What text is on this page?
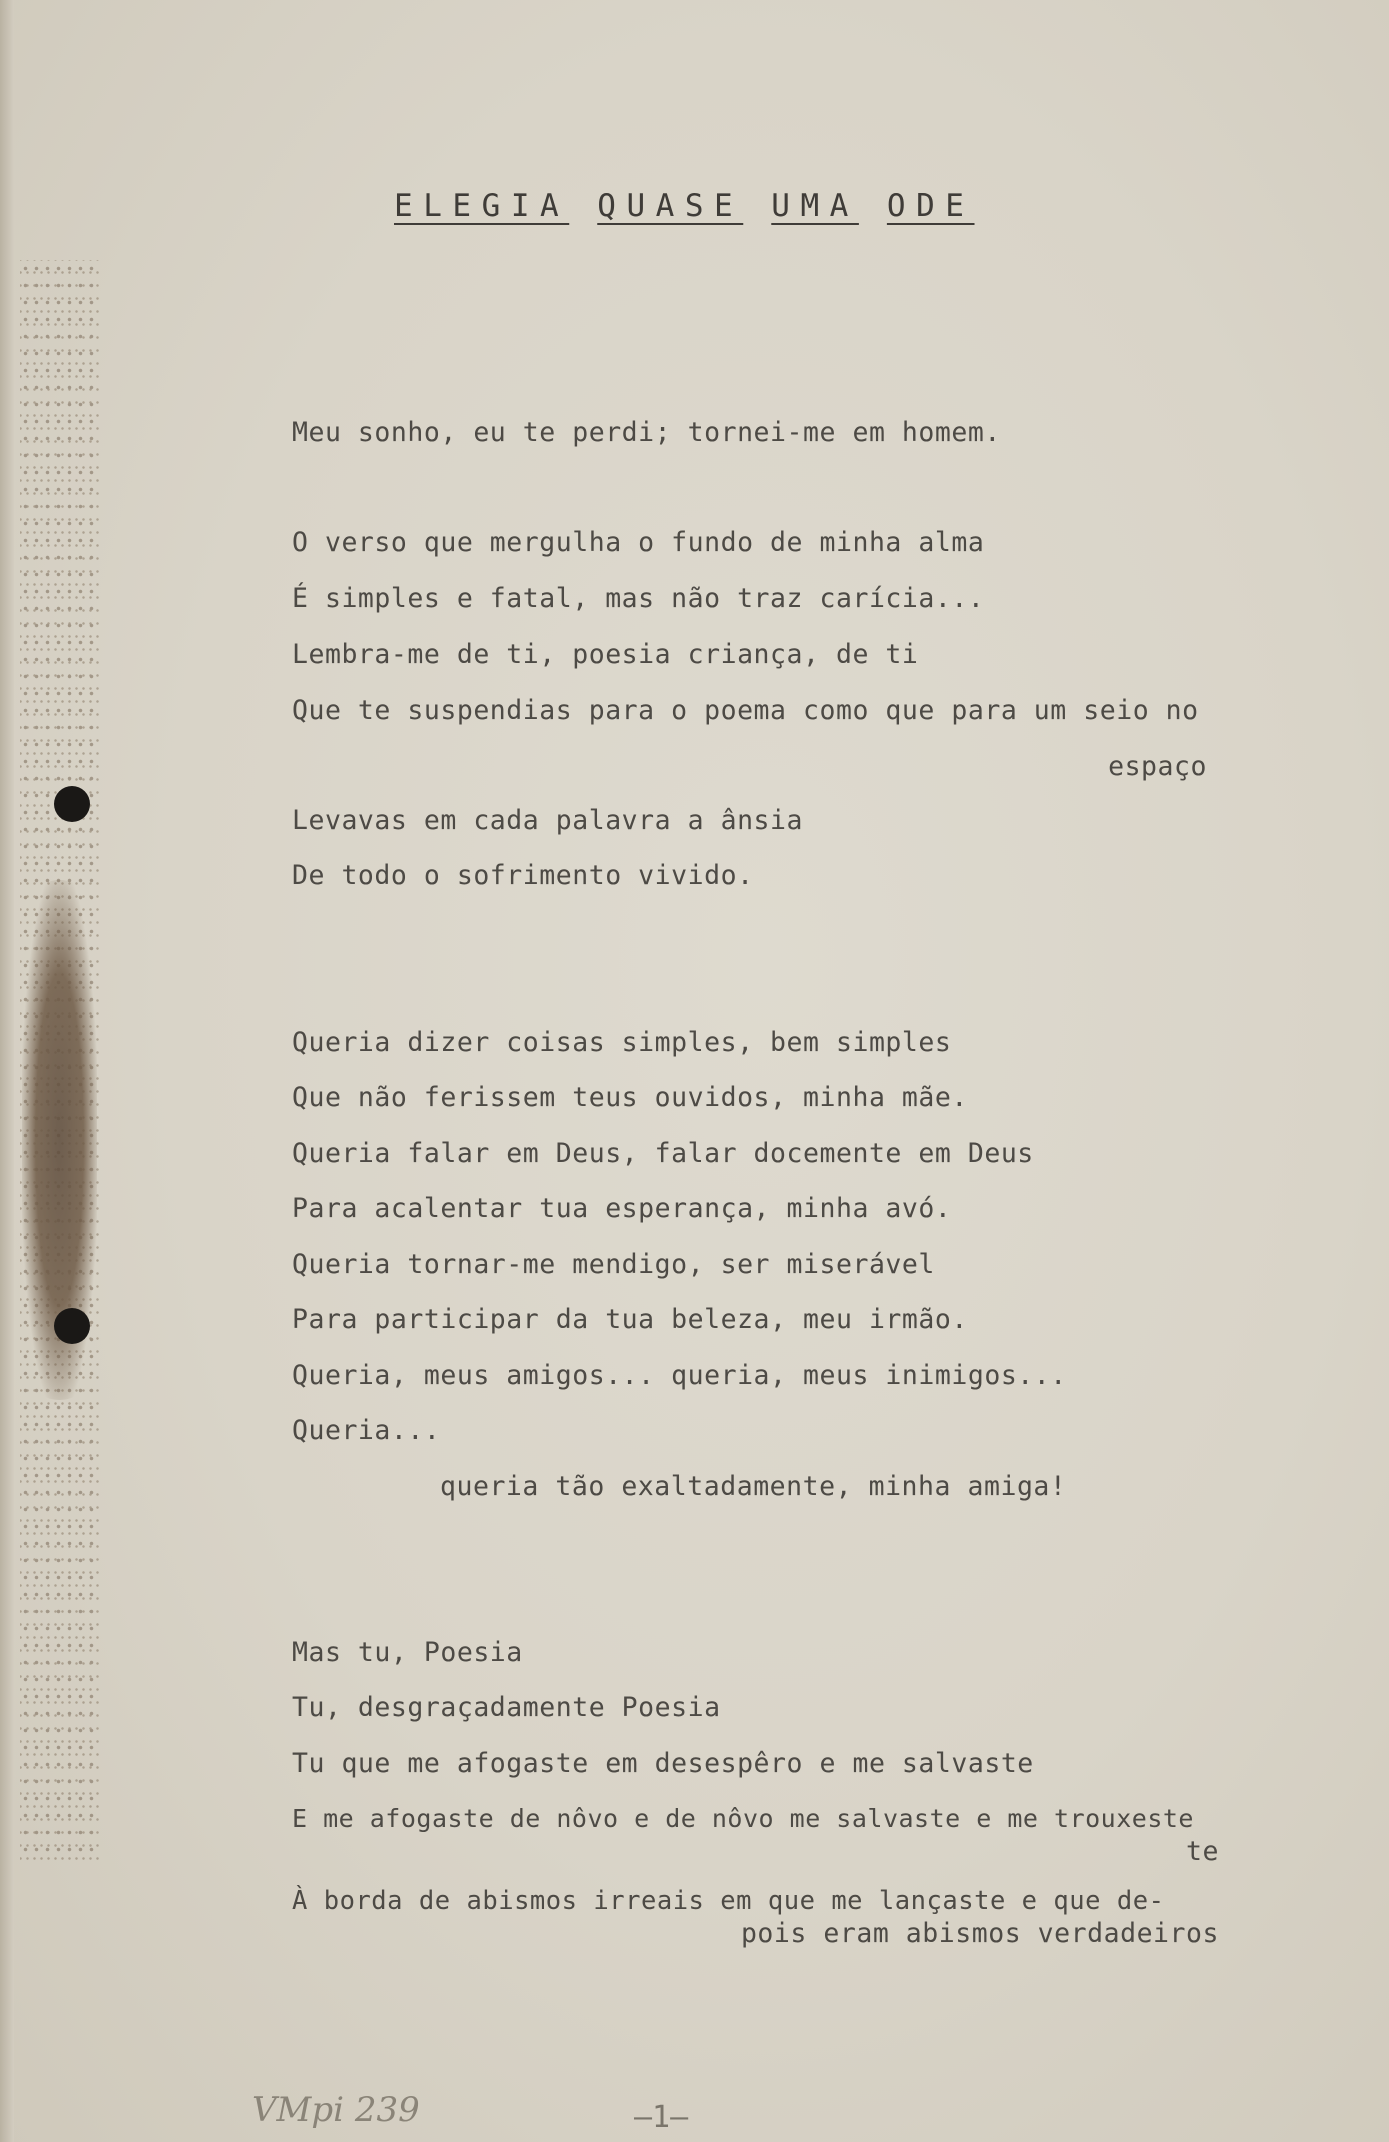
ELEGIA QUASE UMA ODE
Meu sonho, eu te perdi; tornei-me em homem.
O verso que mergulha o fundo de minha alma
É simples e fatal, mas não traz carícia...
Lembra-me de ti, poesia criança, de ti
Que te suspendias para o poema como que para um seio no
espaço
Levavas em cada palavra a ânsia
De todo o sofrimento vivido.
Queria dizer coisas simples, bem simples
Que não ferissem teus ouvidos, minha mãe.
Queria falar em Deus, falar docemente em Deus
Para acalentar tua esperança, minha avó.
Queria tornar-me mendigo, ser miserável
Para participar da tua beleza, meu irmão.
Queria, meus amigos... queria, meus inimigos...
Queria...
queria tão exaltadamente, minha amiga!
Mas tu, Poesia
Tu, desgraçadamente Poesia
Tu que me afogaste em desespêro e me salvaste
E me afogaste de nôvo e de nôvo me salvaste e me trouxeste
te
À borda de abismos irreais em que me lançaste e que de-
pois eram abismos verdadeiros
VMpi 239	—1—
